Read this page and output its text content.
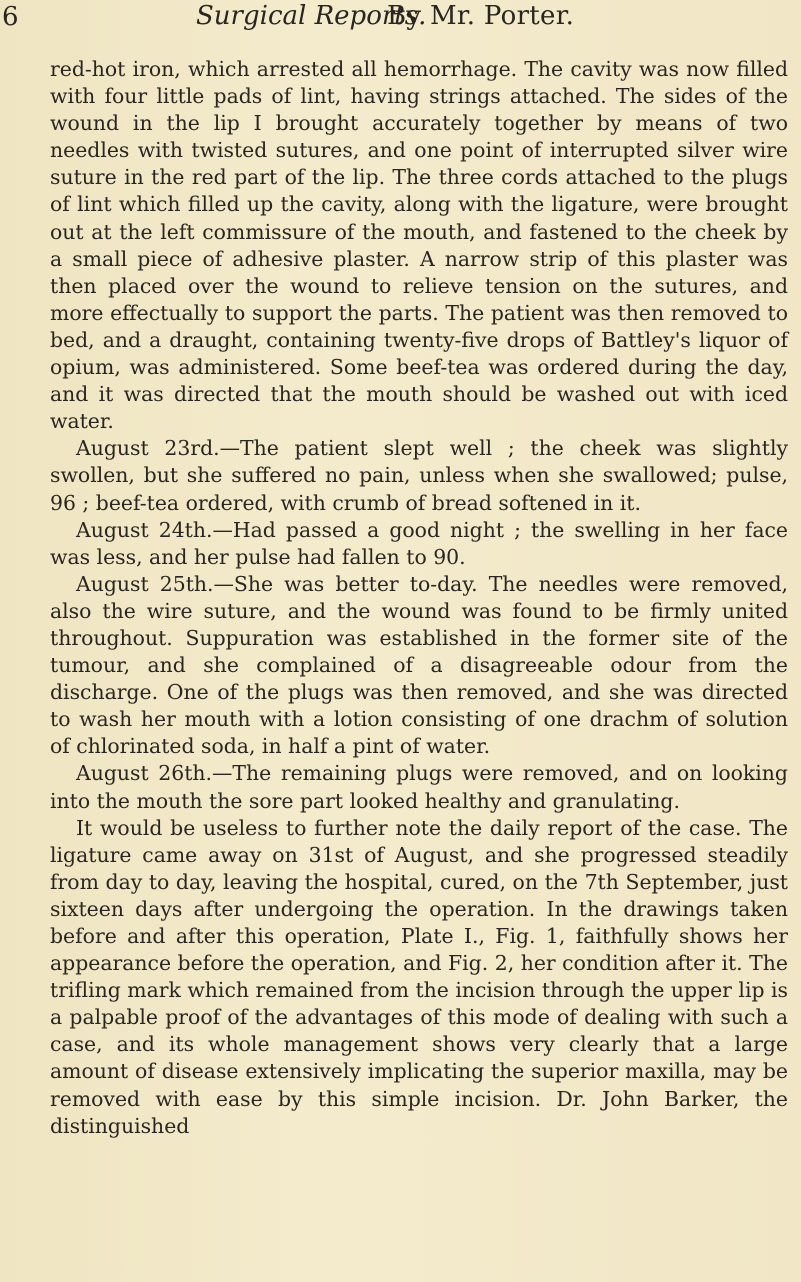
6	Surgical Reports.
By Mr. Porter.

red-hot iron, which arrested all hemorrhage. The cavity was now filled with four little pads of lint, having strings attached. The sides of the wound in the lip I brought accurately together by means of two needles with twisted sutures, and one point of interrupted silver wire suture in the red part of the lip. The three cords attached to the plugs of lint which filled up the cavity, along with the ligature, were brought out at the left commissure of the mouth, and fastened to the cheek by a small piece of adhesive plaster. A narrow strip of this plaster was then placed over the wound to relieve tension on the sutures, and more effectually to support the parts. The patient was then removed to bed, and a draught, containing twenty-five drops of Battley's liquor of opium, was administered. Some beef-tea was ordered during the day, and it was directed that the mouth should be washed out with iced water.

August 23rd.—The patient slept well ; the cheek was slightly swollen, but she suffered no pain, unless when she swallowed; pulse, 96 ; beef-tea ordered, with crumb of bread softened in it.

August 24th.—Had passed a good night ; the swelling in her face was less, and her pulse had fallen to 90.

August 25th.—She was better to-day. The needles were removed, also the wire suture, and the wound was found to be firmly united throughout. Suppuration was established in the former site of the tumour, and she complained of a disagreeable odour from the discharge. One of the plugs was then removed, and she was directed to wash her mouth with a lotion consisting of one drachm of solution of chlorinated soda, in half a pint of water.

August 26th.—The remaining plugs were removed, and on looking into the mouth the sore part looked healthy and granulating.

It would be useless to further note the daily report of the case. The ligature came away on 31st of August, and she progressed steadily from day to day, leaving the hospital, cured, on the 7th September, just sixteen days after undergoing the operation. In the drawings taken before and after this operation, Plate I., Fig. 1, faithfully shows her appearance before the operation, and Fig. 2, her condition after it. The trifling mark which remained from the incision through the upper lip is a palpable proof of the advantages of this mode of dealing with such a case, and its whole management shows very clearly that a large amount of disease extensively implicating the superior maxilla, may be removed with ease by this simple incision. Dr. John Barker, the distinguished
